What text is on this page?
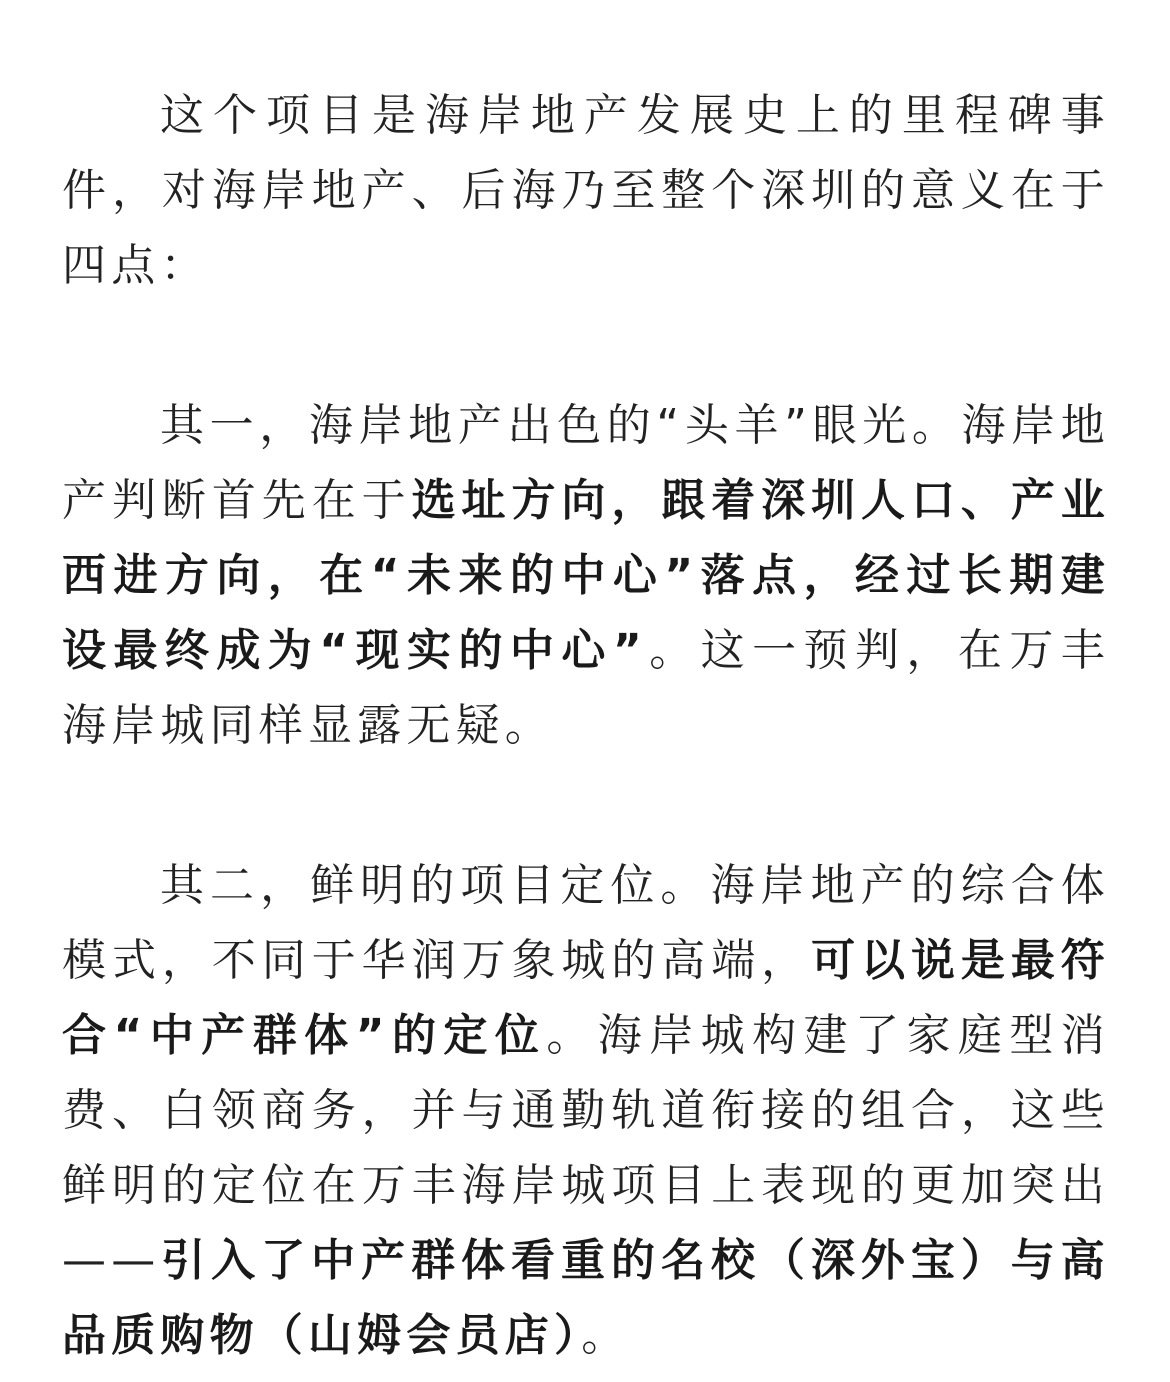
这个项目是海岸地产发展史上的里程碑事件，对海岸地产、后海乃至整个深圳的意义在于四点：

其一，海岸地产出色的“头羊”眼光。海岸地产判断首先在于选址方向，跟着深圳人口、产业西进方向，在“未来的中心”落点，经过长期建设最终成为“现实的中心”。这一预判，在万丰海岸城同样显露无疑。

其二，鲜明的项目定位。海岸地产的综合体模式，不同于华润万象城的高端，可以说是最符合“中产群体”的定位。海岸城构建了家庭型消费、白领商务，并与通勤轨道衔接的组合，这些鲜明的定位在万丰海岸城项目上表现的更加突出——引入了中产群体看重的名校（深外宝）与高品质购物（山姆会员店）。
